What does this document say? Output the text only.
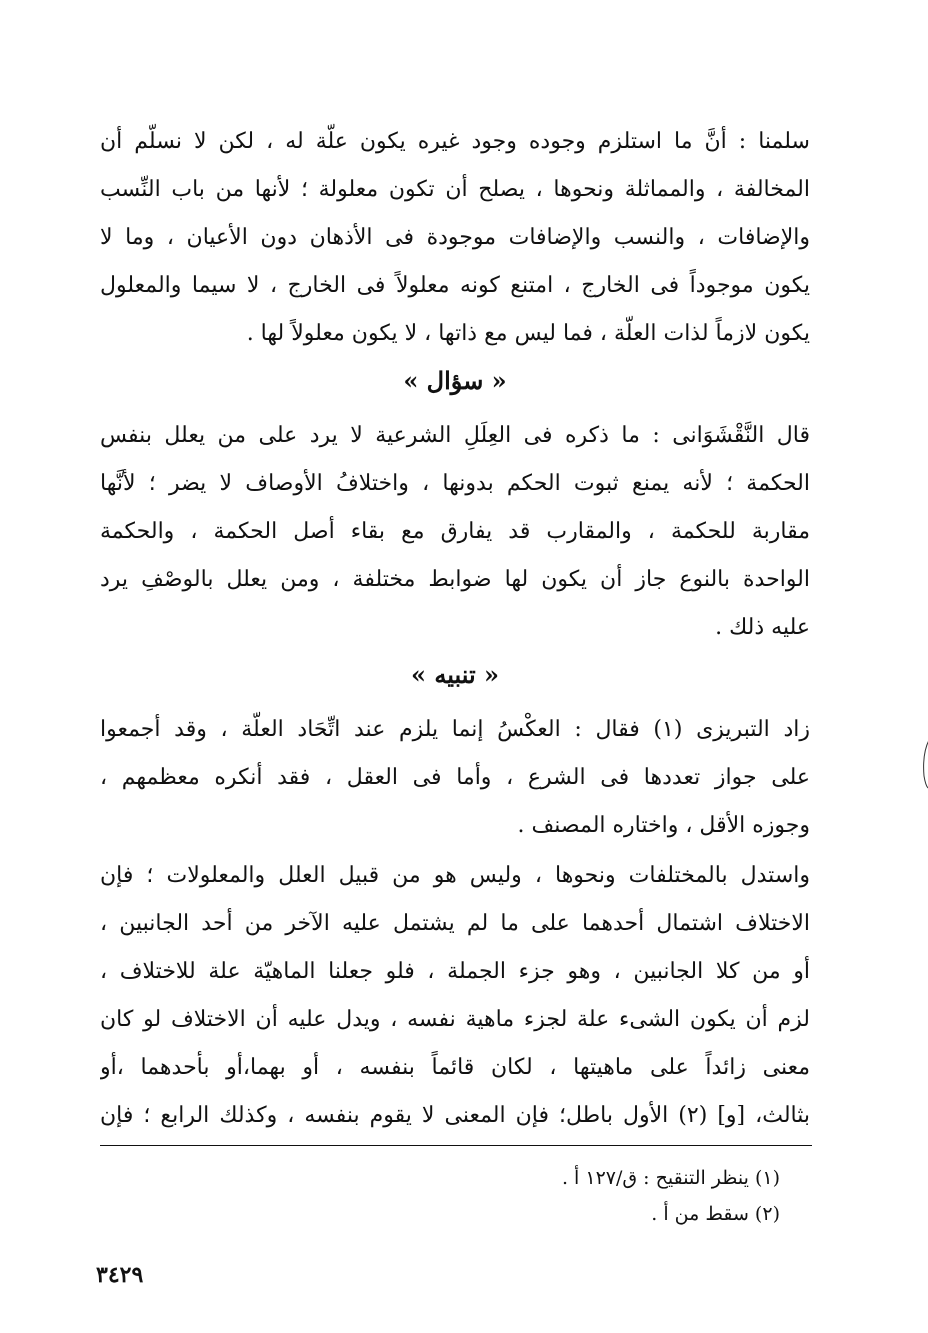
سلمنا : أنَّ ما استلزم وجوده وجود غيره يكون علّة له ، لكن لا نسلّم أن
المخالفة ، والمماثلة ونحوها ، يصلح أن تكون معلولة ؛ لأنها من باب النِّسب
والإضافات ، والنسب والإضافات موجودة فى الأذهان دون الأعيان ، وما لا
يكون موجوداً فى الخارج ، امتنع كونه معلولاً فى الخارج ، لا سيما والمعلول
يكون لازماً لذات العلّة ، فما ليس مع ذاتها ، لا يكون معلولاً لها .
« سؤال »
قال النَّقْشَوَانى : ما ذكره فى العِلَلِ الشرعية لا يرد على من يعلل بنفس
الحكمة ؛ لأنه يمنع ثبوت الحكم بدونها ، واختلافُ الأوصاف لا يضر ؛ لأنَّها
مقاربة للحكمة ، والمقارب قد يفارق مع بقاء أصل الحكمة ، والحكمة
الواحدة بالنوع جاز أن يكون لها ضوابط مختلفة ، ومن يعلل بالوصْفِ يرد
عليه ذلك .
« تنبيه »
زاد التبريزى (١) فقال : العكْسُ إنما يلزم عند اتِّحَاد العلّة ، وقد أجمعوا
على جواز تعددها فى الشرع ، وأما فى العقل ، فقد أنكره معظمهم ،
وجوزه الأقل ، واختاره المصنف .
واستدل بالمختلفات ونحوها ، وليس هو من قبيل العلل والمعلولات ؛ فإن
الاختلاف اشتمال أحدهما على ما لم يشتمل عليه الآخر من أحد الجانبين ،
أو من كلا الجانبين ، وهو جزء الجملة ، فلو جعلنا الماهيّة علة للاختلاف ،
لزم أن يكون الشىء علة لجزء ماهية نفسه ، ويدل عليه أن الاختلاف لو كان
معنى زائداً على ماهيتها ، لكان قائماً بنفسه ، أو بهما،أو بأحدهما ،أو
بثالث، [و] (٢) الأول باطل؛ فإن المعنى لا يقوم بنفسه ، وكذلك الرابع ؛ فإن
(١) ينظر التنقيح : ق/١٢٧ أ .
(٢) سقط من أ .
٣٤٢٩
